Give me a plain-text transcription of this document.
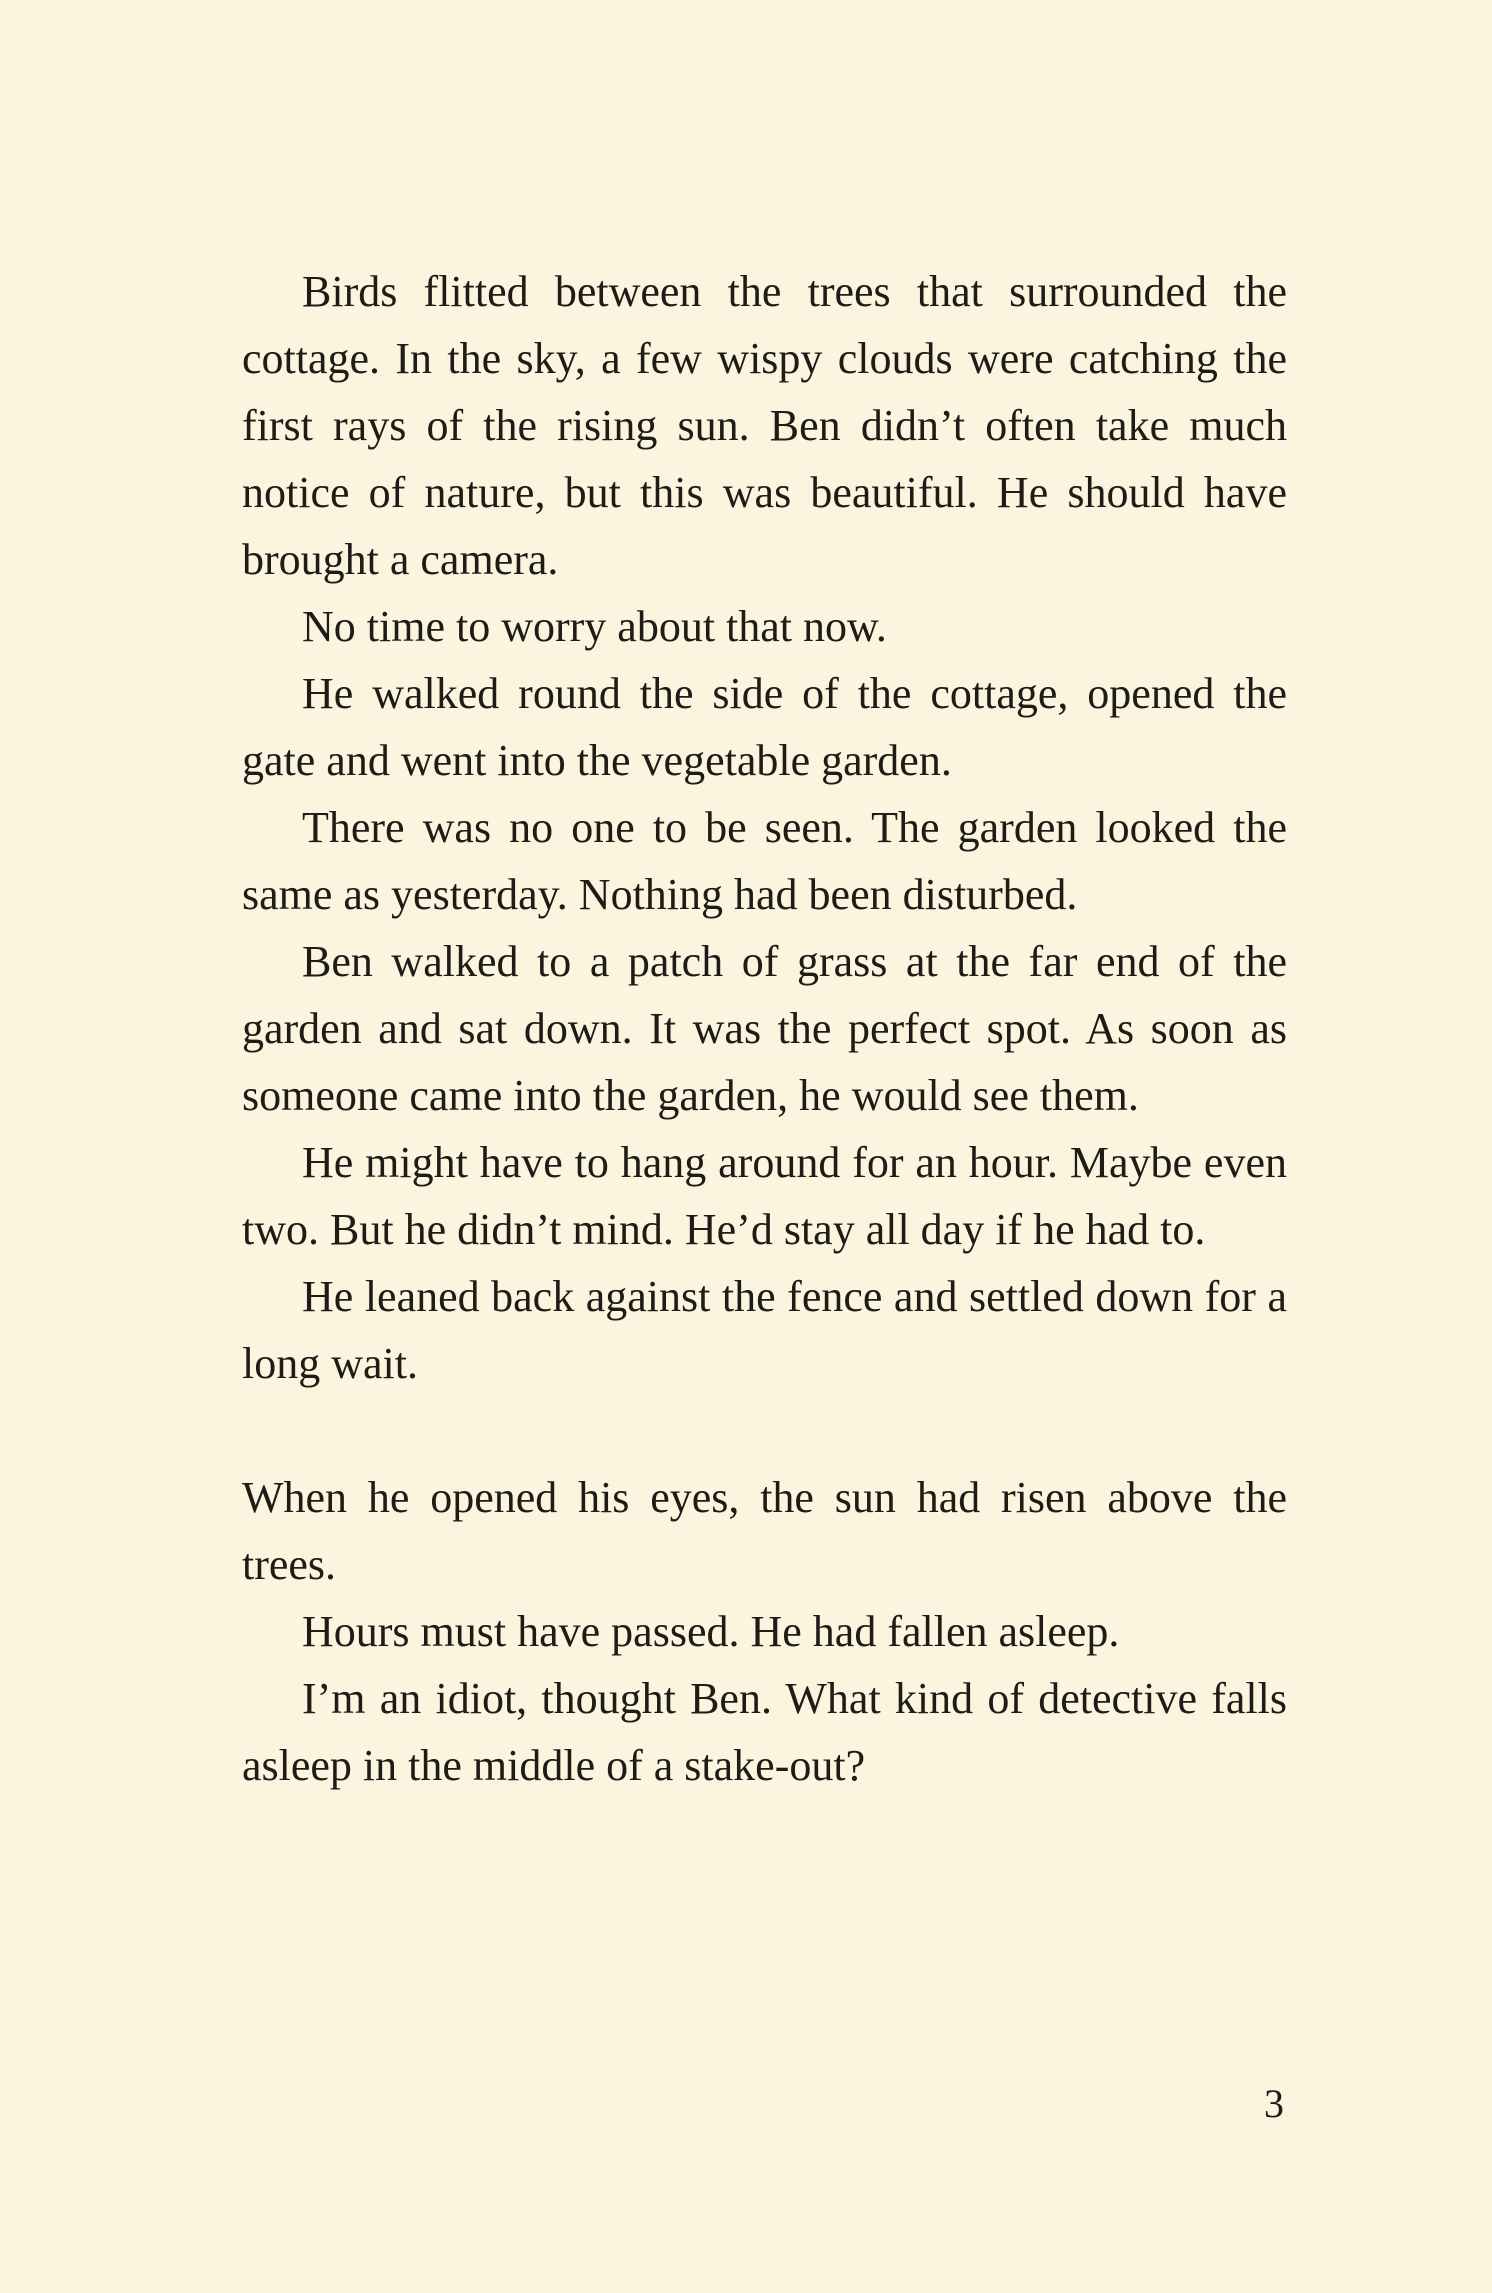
Birds flitted between the trees that surrounded the cottage. In the sky, a few wispy clouds were catching the first rays of the rising sun. Ben didn’t often take much notice of nature, but this was beautiful. He should have brought a camera.

No time to worry about that now.

He walked round the side of the cottage, opened the gate and went into the vegetable garden.

There was no one to be seen. The garden looked the same as yesterday. Nothing had been disturbed.

Ben walked to a patch of grass at the far end of the garden and sat down. It was the perfect spot. As soon as someone came into the garden, he would see them.

He might have to hang around for an hour. Maybe even two. But he didn’t mind. He’d stay all day if he had to.

He leaned back against the fence and settled down for a long wait.

When he opened his eyes, the sun had risen above the trees.

Hours must have passed. He had fallen asleep.

I’m an idiot, thought Ben. What kind of detective falls asleep in the middle of a stake-out?

3
